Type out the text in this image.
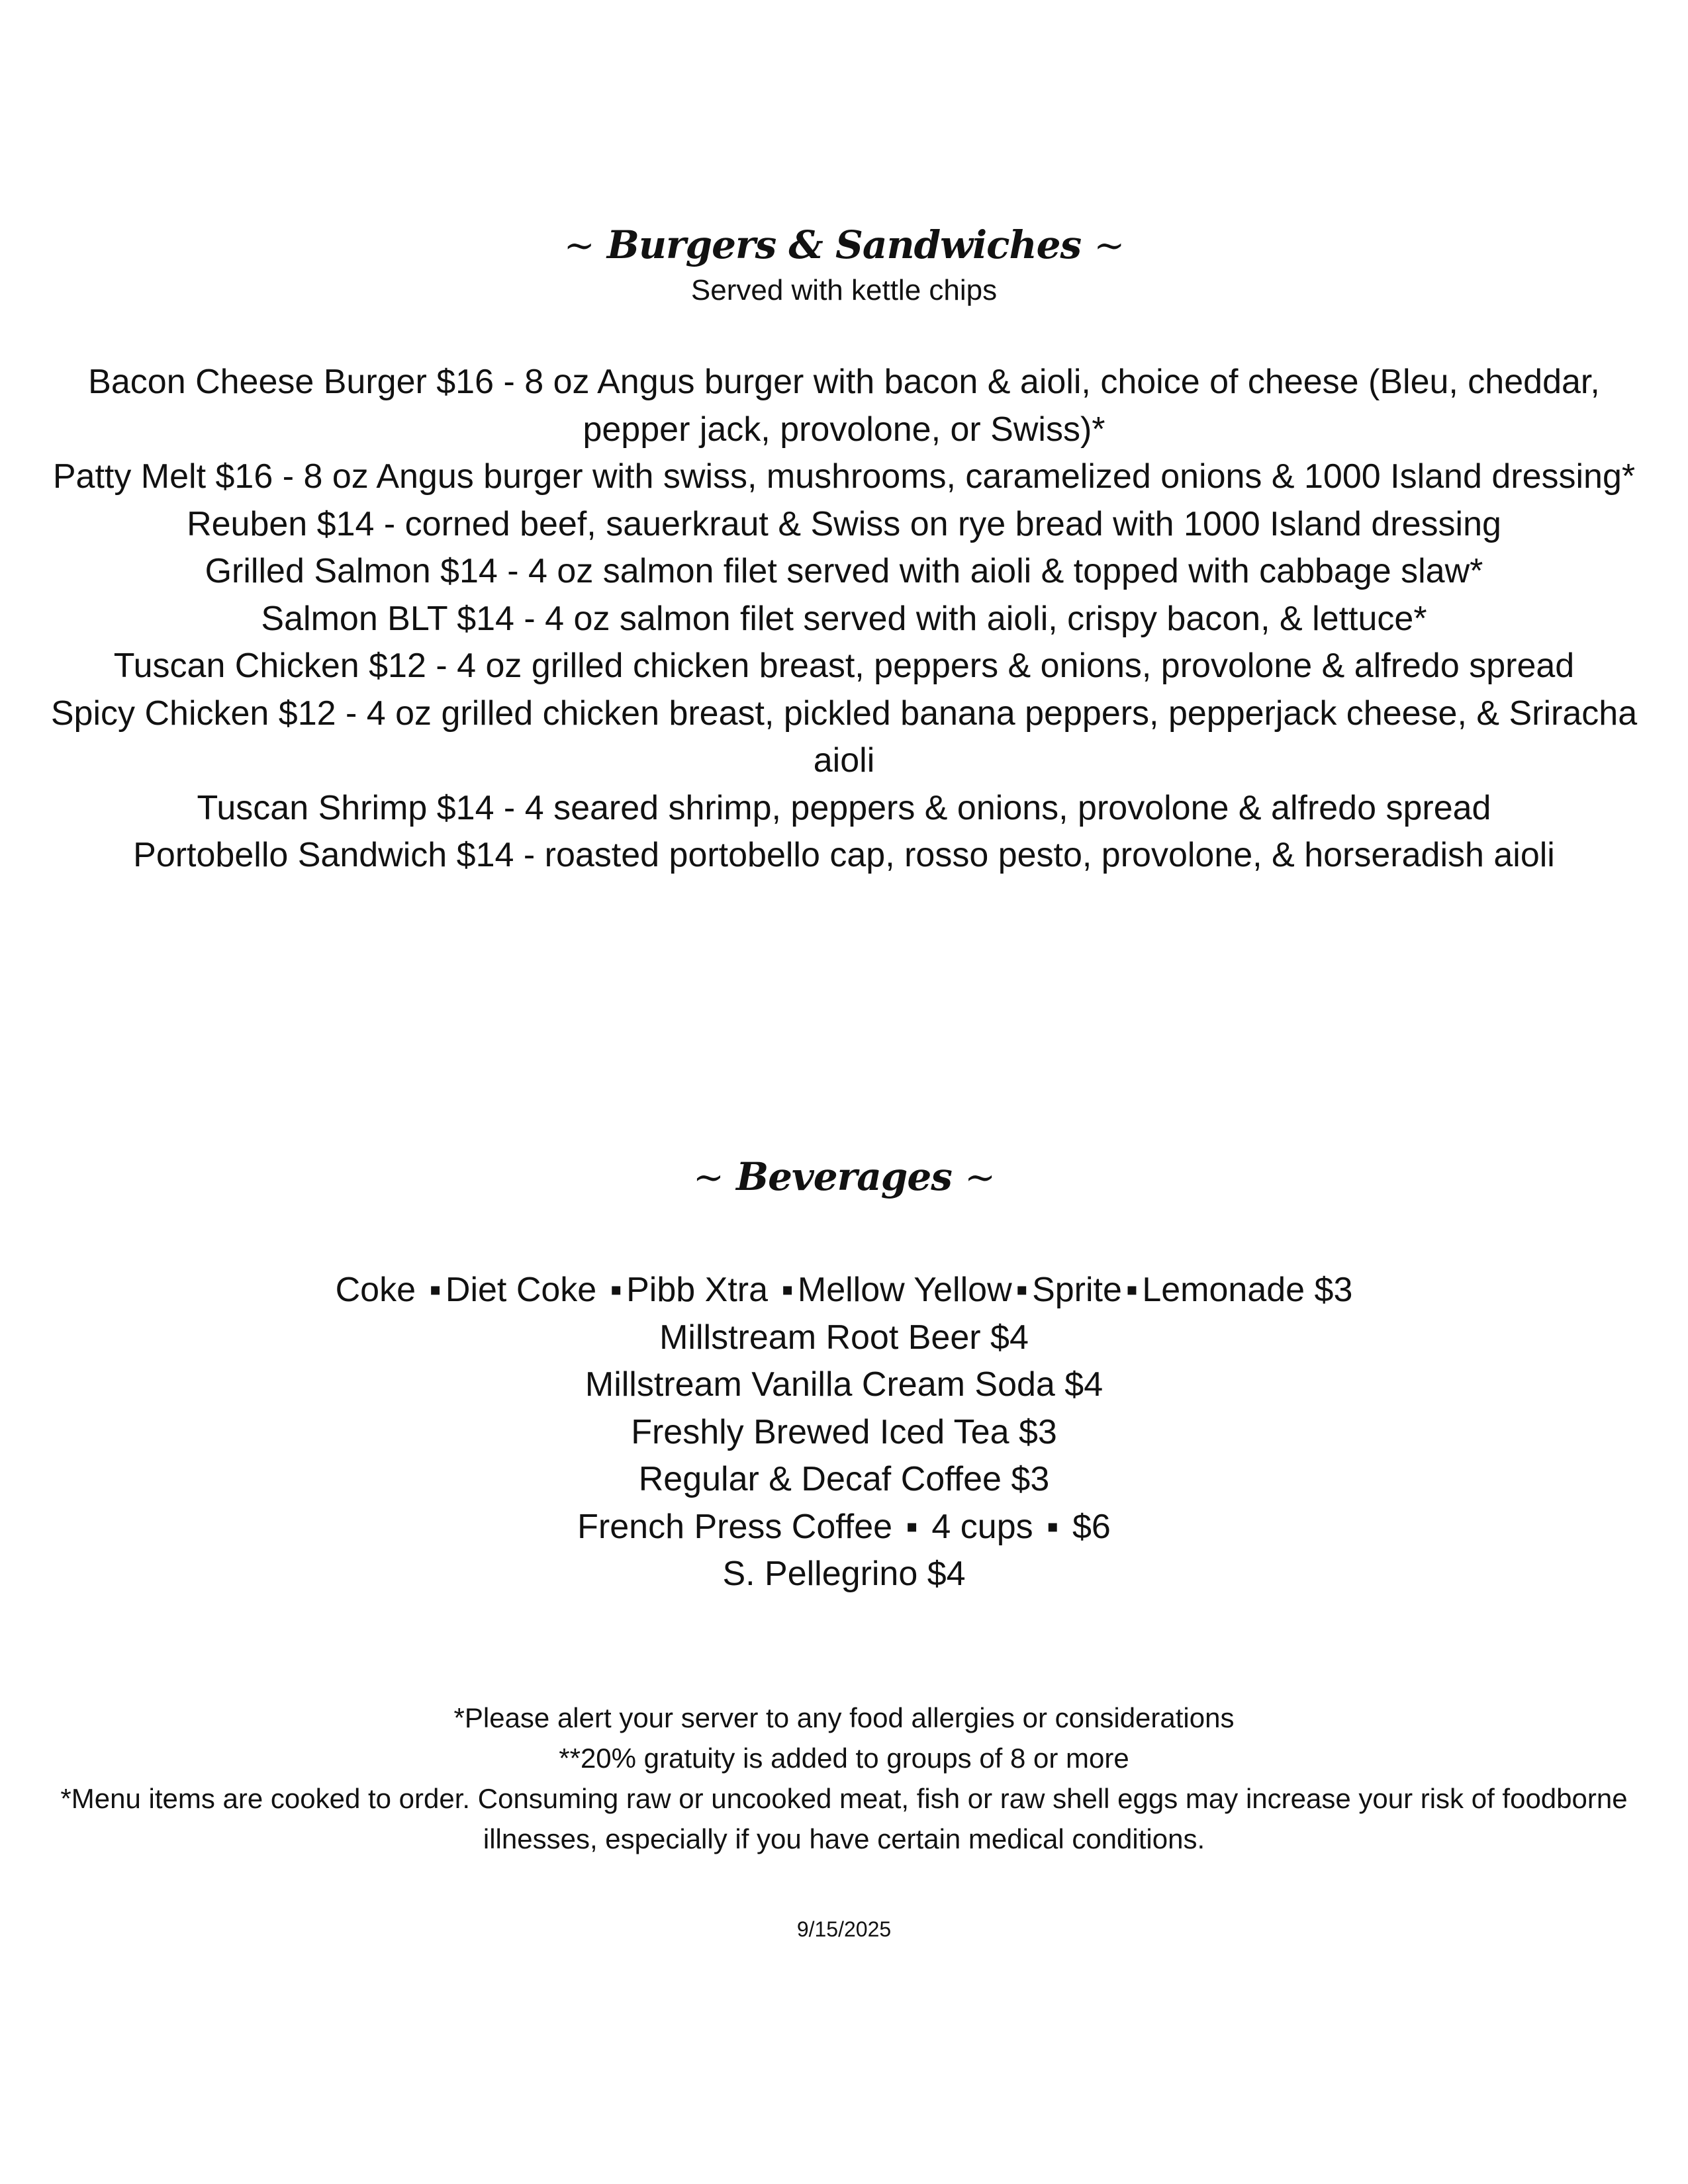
~ Burgers & Sandwiches ~
Served with kettle chips
Bacon Cheese Burger $16 - 8 oz Angus burger with bacon & aioli, choice of cheese (Bleu, cheddar, pepper jack, provolone, or Swiss)*
Patty Melt $16 - 8 oz Angus burger with swiss, mushrooms, caramelized onions & 1000 Island dressing*
Reuben $14 - corned beef, sauerkraut & Swiss on rye bread with 1000 Island dressing
Grilled Salmon $14 - 4 oz salmon filet served with aioli & topped with cabbage slaw*
Salmon BLT $14 - 4 oz salmon filet served with aioli, crispy bacon, & lettuce*
Tuscan Chicken $12 - 4 oz grilled chicken breast, peppers & onions, provolone & alfredo spread
Spicy Chicken $12 - 4 oz grilled chicken breast, pickled banana peppers, pepperjack cheese, & Sriracha aioli
Tuscan Shrimp $14 - 4 seared shrimp, peppers & onions, provolone & alfredo spread
Portobello Sandwich $14 - roasted portobello cap, rosso pesto, provolone, & horseradish aioli
~ Beverages ~
Coke ▪ Diet Coke ▪ Pibb Xtra ▪ Mellow Yellow ▪ Sprite ▪ Lemonade $3
Millstream Root Beer $4
Millstream Vanilla Cream Soda $4
Freshly Brewed Iced Tea $3
Regular & Decaf Coffee $3
French Press Coffee ▪ 4 cups ▪ $6
S. Pellegrino $4

*Please alert your server to any food allergies or considerations

**20% gratuity is added to groups of 8 or more

*Menu items are cooked to order. Consuming raw or uncooked meat, fish or raw shell eggs may increase your risk of foodborne illnesses, especially if you have certain medical conditions.

9/15/2025
